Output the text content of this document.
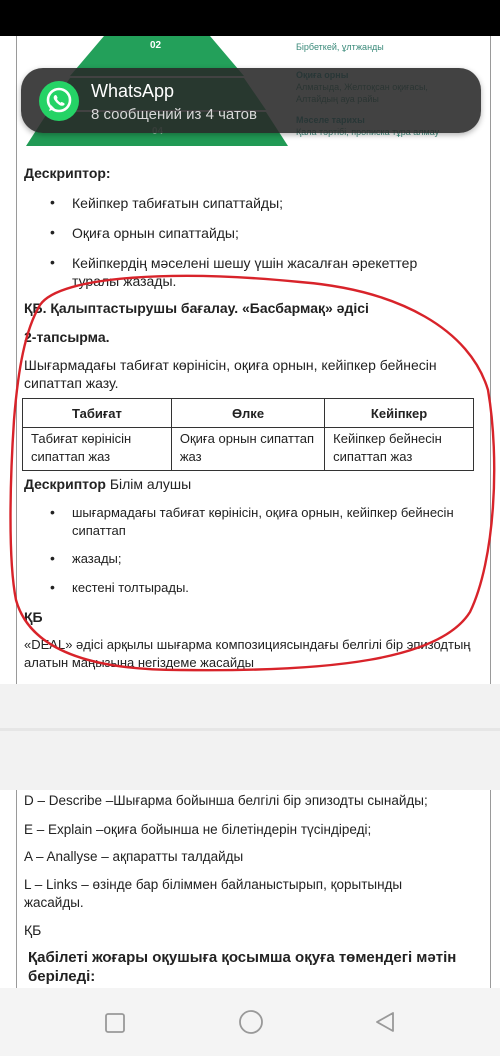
02	Бірбеткей, ұлтжанды
Дескриптор:
• Кейіпкер табиғатын сипаттайды;
• Оқиға орнын сипаттайды;
• Кейіпкердің мәселені шешу үшін жасалған әрекеттер туралы жазады.
ҚБ. Қалыптастырушы бағалау. «Басбармақ» әдісі
2-тапсырма.
Шығармадағы табиғат көрінісін, оқиға орнын, кейіпкер бейнесін сипаттап жазу.
Табиғат	Өлке	Кейіпкер
Табиғат көрінісін сипаттап жаз	Оқиға орнын сипаттап жаз	Кейіпкер бейнесін сипаттап жаз
Дескриптор Білім алушы
• шығармадағы табиғат көрінісін, оқиға орнын, кейіпкер бейнесін сипаттап
• жазады;
• кестені толтырады.
ҚБ
«DEAL» әдісі арқылы шығарма композициясындағы белгілі бір эпизодтың алатын маңызына негіздеме жасайды
WhatsApp
8 сообщений из 4 чатов
D – Describe –Шығарма бойынша белгілі бір эпизодты сынайды;
E – Explain –оқиға бойынша не білетіндерін түсіндіреді;
A – Anallyse – ақпаратты талдайды
L – Links – өзінде бар біліммен байланыстырып, қорытынды жасайды.
ҚБ
Қабілеті жоғары оқушыға қосымша оқуға төмендегі мәтін беріледі:
